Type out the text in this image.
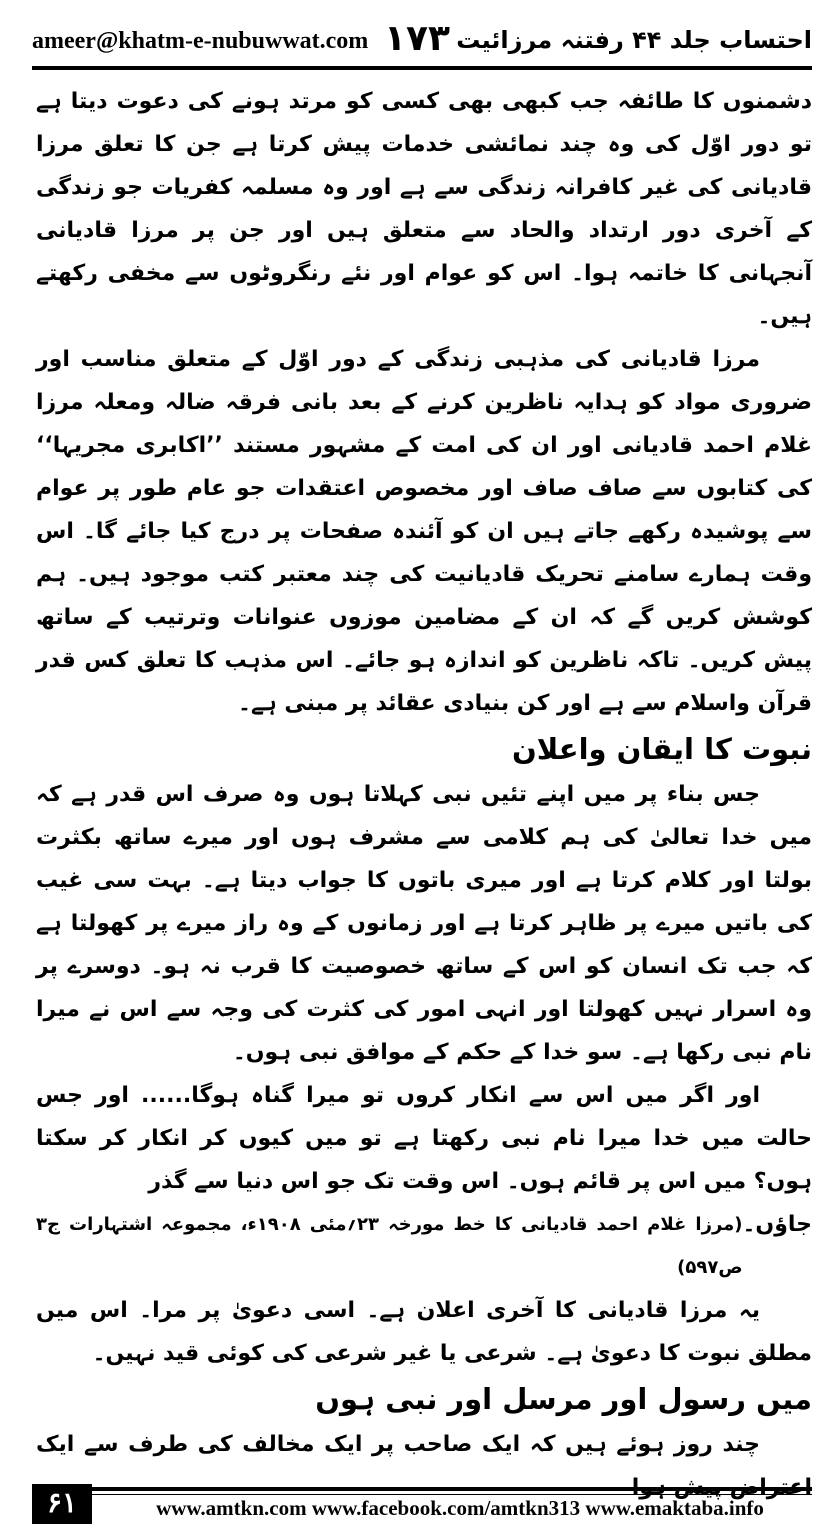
ameer@khatm-e-nubuwwat.com ۱۷۳ احتساب جلد ۴۴ رفتنہ مرزائیت

دشمنوں کا طائفہ جب کبھی بھی کسی کو مرتد ہونے کی دعوت دیتا ہے تو دور اوّل کی وہ چند نمائشی خدمات پیش کرتا ہے جن کا تعلق مرزا قادیانی کی غیر کافرانہ زندگی سے ہے اور وہ مسلمہ کفریات جو زندگی کے آخری دور ارتداد والحاد سے متعلق ہیں اور جن پر مرزا قادیانی آنجہانی کا خاتمہ ہوا۔ اس کو عوام اور نئے رنگروٹوں سے مخفی رکھتے ہیں۔

مرزا قادیانی کی مذہبی زندگی کے دور اوّل کے متعلق مناسب اور ضروری مواد کو ہدایہ ناظرین کرنے کے بعد بانی فرقہ ضالہ ومعلہ مرزا غلام احمد قادیانی اور ان کی امت کے مشہور مستند ’’اکابری مجریہا‘‘ کی کتابوں سے صاف صاف اور مخصوص اعتقدات جو عام طور پر عوام سے پوشیدہ رکھے جاتے ہیں ان کو آئندہ صفحات پر درج کیا جائے گا۔ اس وقت ہمارے سامنے تحریک قادیانیت کی چند معتبر کتب موجود ہیں۔ ہم کوشش کریں گے کہ ان کے مضامین موزوں عنوانات وترتیب کے ساتھ پیش کریں۔ تاکہ ناظرین کو اندازہ ہو جائے۔ اس مذہب کا تعلق کس قدر قرآن واسلام سے ہے اور کن بنیادی عقائد پر مبنی ہے۔

نبوت کا ایقان واعلان

جس بناء پر میں اپنے تئیں نبی کہلاتا ہوں وہ صرف اس قدر ہے کہ میں خدا تعالیٰ کی ہم کلامی سے مشرف ہوں اور میرے ساتھ بکثرت بولتا اور کلام کرتا ہے اور میری باتوں کا جواب دیتا ہے۔ بہت سی غیب کی باتیں میرے پر ظاہر کرتا ہے اور زمانوں کے وہ راز میرے پر کھولتا ہے کہ جب تک انسان کو اس کے ساتھ خصوصیت کا قرب نہ ہو۔ دوسرے پر وہ اسرار نہیں کھولتا اور انہی امور کی کثرت کی وجہ سے اس نے میرا نام نبی رکھا ہے۔ سو خدا کے حکم کے موافق نبی ہوں۔

اور اگر میں اس سے انکار کروں تو میرا گناہ ہوگا...... اور جس حالت میں خدا میرا نام نبی رکھتا ہے تو میں کیوں کر انکار کر سکتا ہوں؟ میں اس پر قائم ہوں۔ اس وقت تک جو اس دنیا سے گذر

جاؤں۔
(مرزا غلام احمد قادیانی کا خط مورخہ ۲۳؍مئی ۱۹۰۸ء، مجموعہ اشتہارات ج۳ ص۵۹۷)

یہ مرزا قادیانی کا آخری اعلان ہے۔ اسی دعویٰ پر مرا۔ اس میں مطلق نبوت کا دعویٰ ہے۔ شرعی یا غیر شرعی کی کوئی قید نہیں۔

میں رسول اور مرسل اور نبی ہوں

چند روز ہوئے ہیں کہ ایک صاحب پر ایک مخالف کی طرف سے ایک

۶۱	www.amtkn.com www.facebook.com/amtkn313 www.emaktaba.info
